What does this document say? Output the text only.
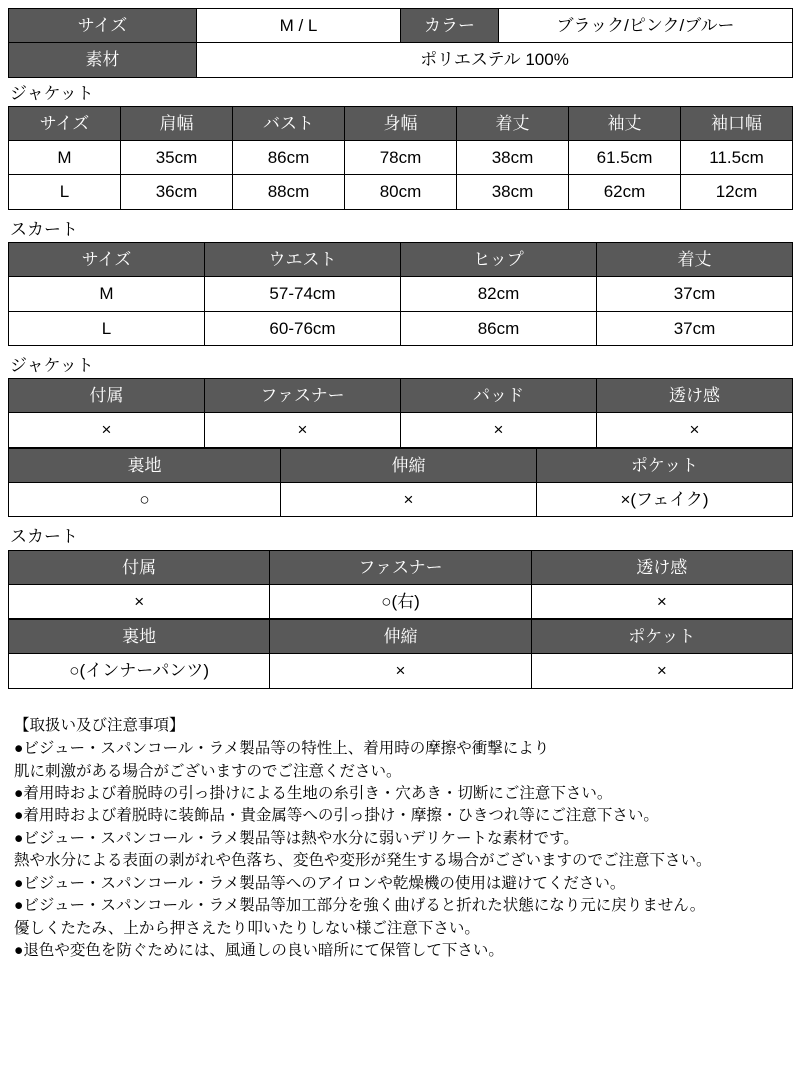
サイズ	M / L	カラー	ブラック/ピンク/ブルー
素材	ポリエステル 100%		
ジャケット
サイズ	肩幅	バスト	身幅	着丈	袖丈	袖口幅
M	35cm	86cm	78cm	38cm	61.5cm	11.5cm
L	36cm	88cm	80cm	38cm	62cm	12cm
スカート
サイズ	ウエスト	ヒップ	着丈
M	57-74cm	82cm	37cm
L	60-76cm	86cm	37cm
ジャケット
付属	ファスナー	パッド	透け感
×	×	×	×
裏地	伸縮	ポケット
○	×	×(フェイク)
スカート
付属	ファスナー	透け感
×	○(右)	×
裏地	伸縮	ポケット
○(インナーパンツ)	×	×
【取扱い及び注意事項】
●ビジュー・スパンコール・ラメ製品等の特性上、着用時の摩擦や衝撃により
肌に刺激がある場合がございますのでご注意ください。
●着用時および着脱時の引っ掛けによる生地の糸引き・穴あき・切断にご注意下さい。
●着用時および着脱時に装飾品・貴金属等への引っ掛け・摩擦・ひきつれ等にご注意下さい。
●ビジュー・スパンコール・ラメ製品等は熱や水分に弱いデリケートな素材です。
熱や水分による表面の剥がれや色落ち、変色や変形が発生する場合がございますのでご注意下さい。
●ビジュー・スパンコール・ラメ製品等へのアイロンや乾燥機の使用は避けてください。
●ビジュー・スパンコール・ラメ製品等加工部分を強く曲げると折れた状態になり元に戻りません。
優しくたたみ、上から押さえたり叩いたりしない様ご注意下さい。
●退色や変色を防ぐためには、風通しの良い暗所にて保管して下さい。
